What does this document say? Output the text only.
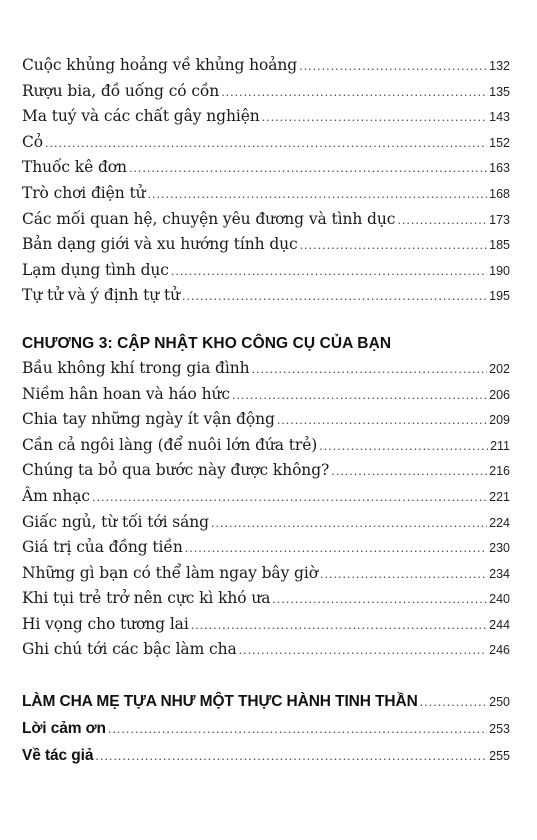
Cuộc khủng hoảng về khủng hoảng .....	132
Rượu bia, đồ uống có cồn .....	135
Ma tuý và các chất gây nghiện .....	143
Cỏ .....	152
Thuốc kê đơn .....	163
Trò chơi điện tử .....	168
Các mối quan hệ, chuyện yêu đương và tình dục .....	173
Bản dạng giới và xu hướng tính dục .....	185
Lạm dụng tình dục .....	190
Tự tử và ý định tự tử .....	195
CHƯƠNG 3: CẬP NHẬT KHO CÔNG CỤ CỦA BẠN
Bầu không khí trong gia đình .....	202
Niềm hân hoan và háo hức .....	206
Chia tay những ngày ít vận động .....	209
Cần cả ngôi làng (để nuôi lớn đứa trẻ) .....	211
Chúng ta bỏ qua bước này được không? .....	216
Âm nhạc .....	221
Giấc ngủ, từ tối tới sáng .....	224
Giá trị của đồng tiền .....	230
Những gì bạn có thể làm ngay bây giờ .....	234
Khi tụi trẻ trở nên cực kì khó ưa .....	240
Hi vọng cho tương lai .....	244
Ghi chú tới các bậc làm cha .....	246
LÀM CHA MẸ TỰA NHƯ MỘT THỰC HÀNH TINH THẦN .....	250
Lời cảm ơn .....	253
Về tác giả .....	255
